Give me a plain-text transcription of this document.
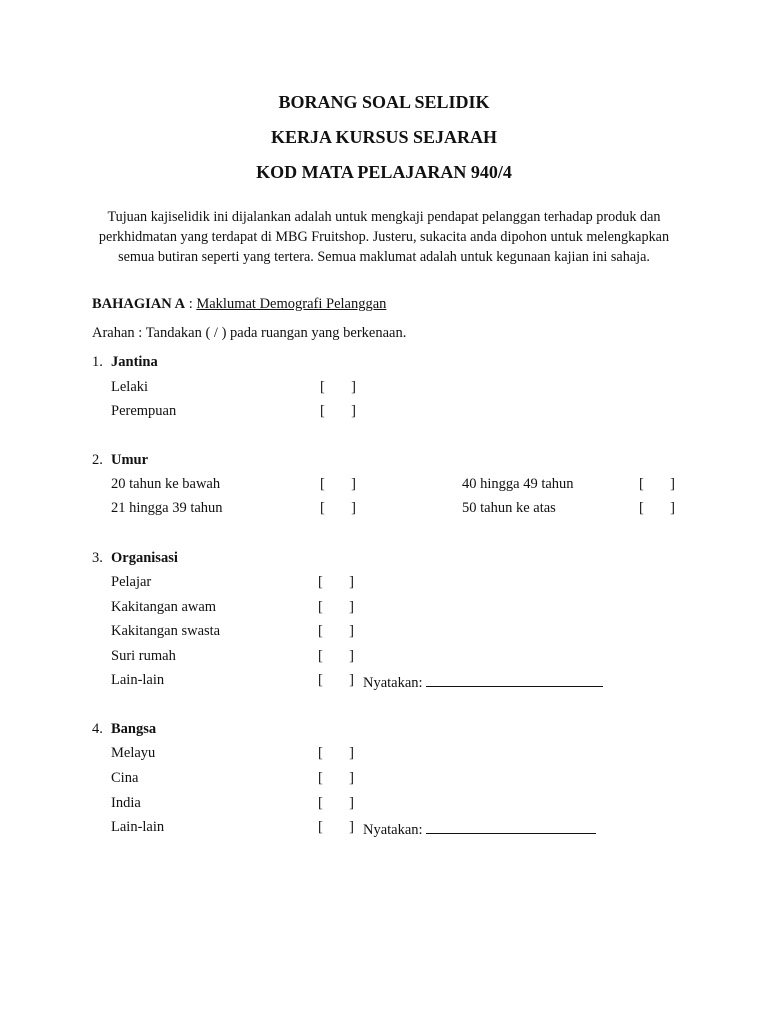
BORANG SOAL SELIDIK
KERJA KURSUS SEJARAH
KOD MATA PELAJARAN 940/4
Tujuan kajiselidik ini dijalankan adalah untuk mengkaji pendapat pelanggan terhadap produk dan perkhidmatan yang terdapat di MBG Fruitshop. Justeru, sukacita anda dipohon untuk melengkapkan semua butiran seperti yang tertera. Semua maklumat adalah untuk kegunaan kajian ini sahaja.
BAHAGIAN A : Maklumat Demografi Pelanggan
Arahan : Tandakan ( / ) pada ruangan yang berkenaan.
1. Jantina
Lelaki	[ ]
Perempuan	[ ]
2. Umur
20 tahun ke bawah	[ ]	40 hingga 49 tahun	[ ]
21 hingga 39 tahun	[ ]	50 tahun ke atas	[ ]
3. Organisasi
Pelajar	[ ]
Kakitangan awam	[ ]
Kakitangan swasta	[ ]
Suri rumah	[ ]
Lain-lain	[ ] Nyatakan:
4. Bangsa
Melayu	[ ]
Cina	[ ]
India	[ ]
Lain-lain	[ ] Nyatakan:
